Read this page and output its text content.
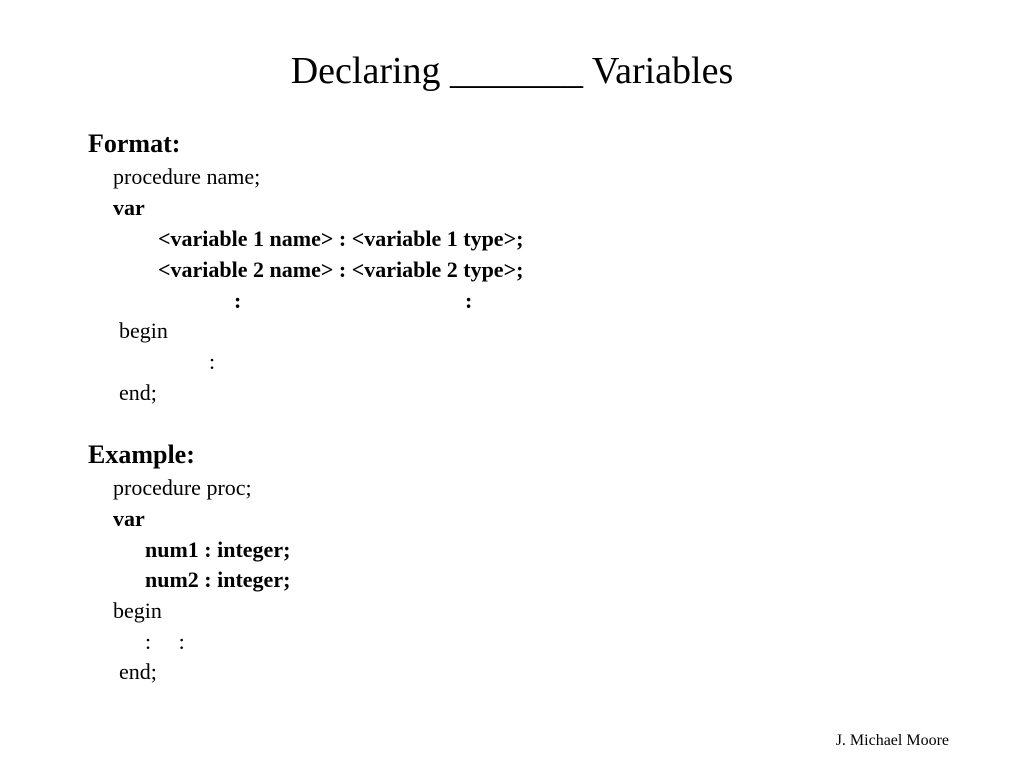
Declaring _______ Variables
Format:
procedure name;
var
<variable 1 name> : <variable 1 type>;
<variable 2 name> : <variable 2 type>;
:	:
begin
:
end;
Example:
procedure proc;
var
num1 : integer;
num2 : integer;
begin
:     :
end;
J. Michael Moore
